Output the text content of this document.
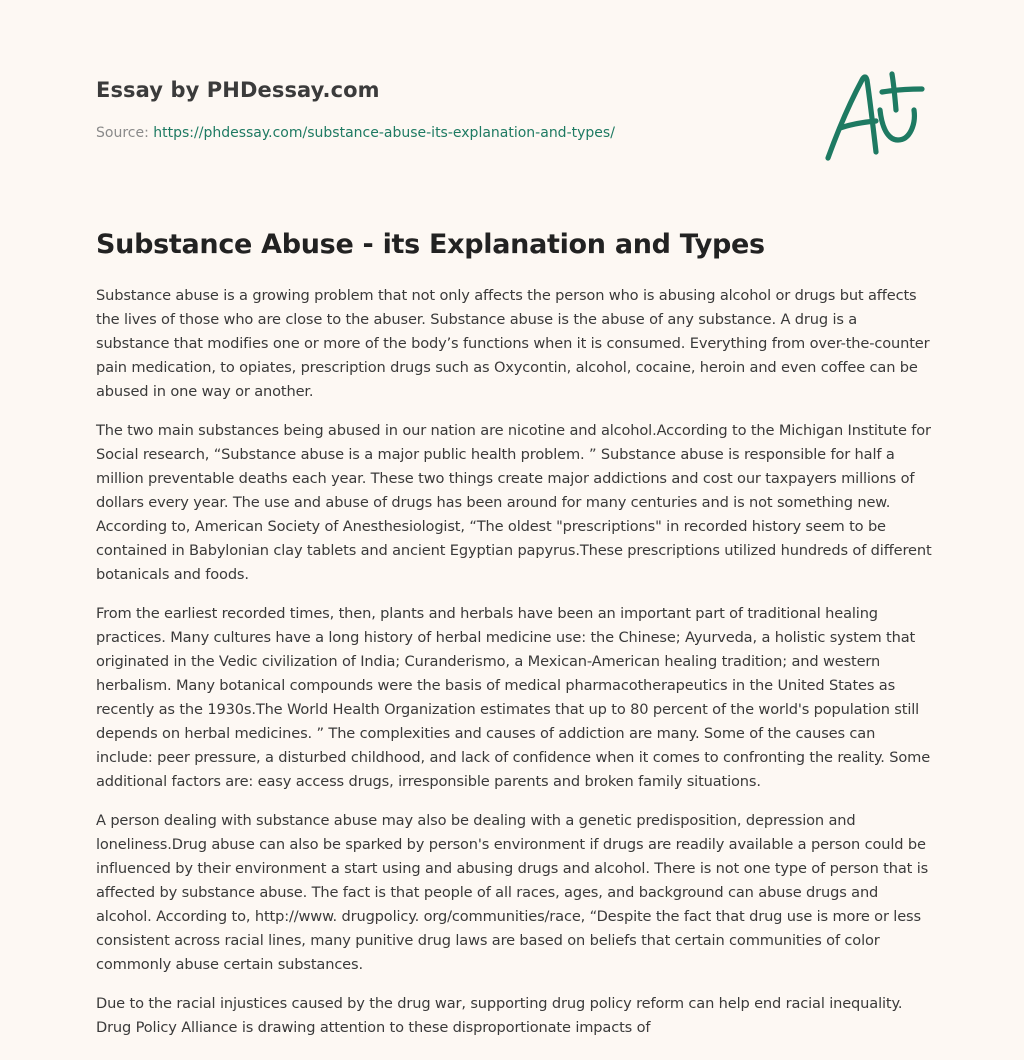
Essay by PHDessay.com
Source: https://phdessay.com/substance-abuse-its-explanation-and-types/
Substance Abuse - its Explanation and Types

Substance abuse is a growing problem that not only affects the person who is abusing alcohol or drugs but affects the lives of those who are close to the abuser. Substance abuse is the abuse of any substance. A drug is a substance that modifies one or more of the body’s functions when it is consumed. Everything from over-the-counter pain medication, to opiates, prescription drugs such as Oxycontin, alcohol, cocaine, heroin and even coffee can be abused in one way or another.

The two main substances being abused in our nation are nicotine and alcohol.According to the Michigan Institute for Social research, “Substance abuse is a major public health problem. ” Substance abuse is responsible for half a million preventable deaths each year. These two things create major addictions and cost our taxpayers millions of dollars every year. The use and abuse of drugs has been around for many centuries and is not something new. According to, American Society of Anesthesiologist, “The oldest "prescriptions" in recorded history seem to be contained in Babylonian clay tablets and ancient Egyptian papyrus.These prescriptions utilized hundreds of different botanicals and foods.

From the earliest recorded times, then, plants and herbals have been an important part of traditional healing practices. Many cultures have a long history of herbal medicine use: the Chinese; Ayurveda, a holistic system that originated in the Vedic civilization of India; Curanderismo, a Mexican-American healing tradition; and western herbalism. Many botanical compounds were the basis of medical pharmacotherapeutics in the United States as recently as the 1930s.The World Health Organization estimates that up to 80 percent of the world's population still depends on herbal medicines. ” The complexities and causes of addiction are many. Some of the causes can include: peer pressure, a disturbed childhood, and lack of confidence when it comes to confronting the reality. Some additional factors are: easy access drugs, irresponsible parents and broken family situations.

A person dealing with substance abuse may also be dealing with a genetic predisposition, depression and loneliness.Drug abuse can also be sparked by person's environment if drugs are readily available a person could be influenced by their environment a start using and abusing drugs and alcohol. There is not one type of person that is affected by substance abuse. The fact is that people of all races, ages, and background can abuse drugs and alcohol. According to, http://www. drugpolicy. org/communities/race, “Despite the fact that drug use is more or less consistent across racial lines, many punitive drug laws are based on beliefs that certain communities of color commonly abuse certain substances.

Due to the racial injustices caused by the drug war, supporting drug policy reform can help end racial inequality. Drug Policy Alliance is drawing attention to these disproportionate impacts of
